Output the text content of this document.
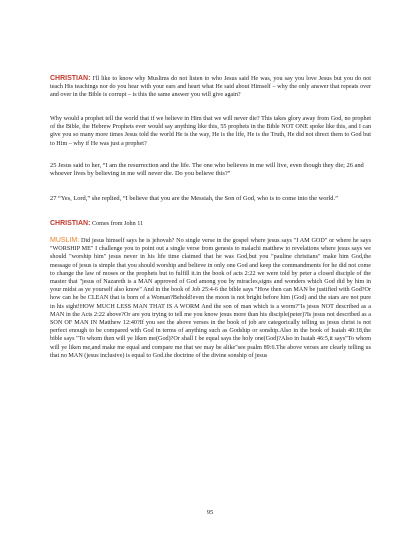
CHRISTIAN: I'll like to know why Muslims do not listen to who Jesus said He was, you say you love Jesus but you do not teach His teachings nor do you hear with your ears and heart what He said about Himself – why the only answer that repeats over and over in the Bible is corrupt – is this the same answer you will give again?

Why would a prophet tell the world that if we believe in Him that we will never die? This takes glory away from God, no prophet of the Bible, the Hebrew Prophets ever would say anything like this, 55 prophets in the Bible NOT ONE spoke like this, and I can give you so many more times Jesus told the world He is the way, He is the life, He is the Truth, He did not direct them to God but to Him – why if He was just a prophet?

25 Jesus said to her, “I am the resurrection and the life. The one who believes in me will live, even though they die; 26 and whoever lives by believing in me will never die. Do you believe this?”

27 “Yes, Lord,” she replied, “I believe that you are the Messiah, the Son of God, who is to come into the world.”

CHRISTIAN: Comes from John 11

MUSLIM: Did jesus himself says he is jehovah? No single verse in the gospel where jesus says "I AM GOD" or where he says "WORSHIP ME" I challenge you to point out a single verse from genesis to malachi matthew to revelations where jesus says we should "worship him" jesus never in his life time claimed that he was God,but you "pauline christians" make him God,the message of jesus is simple that you should worship and believe in only one God and keep the commandments for he did not come to change the law of moses or the prophets but to fulfill it.in the book of acts 2:22 we were told by peter a closed disciple of the master that "jesus of Nazareth is a MAN approved of God among you by miracles,signs and wonders which God did by him in your midst as ye yourself also know" And in the book of Job 25:4-6 the bible says "How then can MAN be justified with God?Or how can he be CLEAN that is born of a Woman?Behold!even the moon is not bright before him (God) and the stars are not pure in his sight!HOW MUCH LESS MAN THAT IS A WORM And the son of man which is a worm?"Is jesus NOT described as a MAN in the Acts 2:22 above?Or are you trying to tell me you know jesus more than his disciple(peter)?Is jesus not described as a SON OF MAN IN Matthew 12:40?If you see the above verses in the book of job are categorically telling us jesus christ is not perfect enough to be compared with God in terms of anything such as Godship or sonship.Also in the book of Isaiah 40:18,the bible says "To whom then will ye liken me(God)?Or shall I be equal says the holy one(God)?Also in Isaiah 46:5,it says"To whom will ye liken me,and make me equal and compare me that we may be alike"see psalm 89:6.The above verses are clearly telling us that no MAN (jesus inclusive) is equal to God.the doctrine of the divine sonship of jesus

95
